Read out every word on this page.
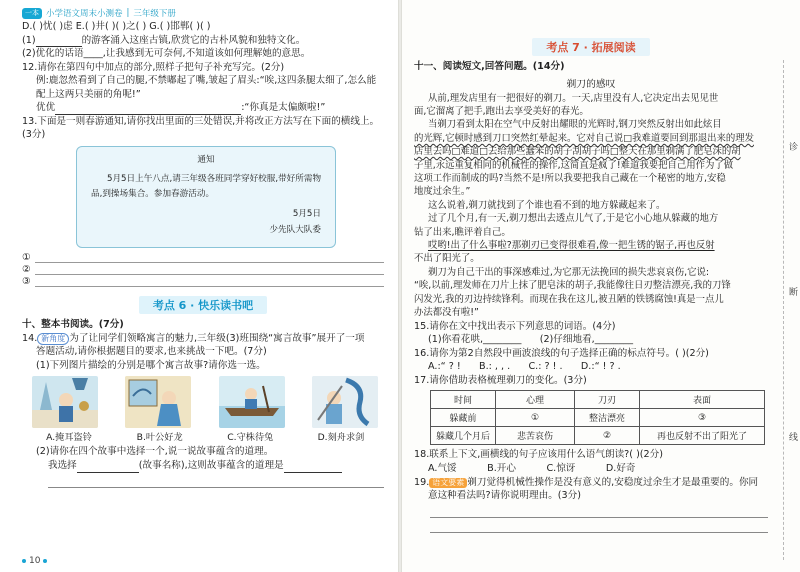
一本 小学语文周末小测卷 | 三年级下册
D.( )忧( )虑 E.( )井( )( )之( ) G.( )邯郸( )( )
(1)	的游客涌入这座古镇,欣赏它的古朴风貌和独特文化。
(2)优化的话语____,让我感到无可奈何,不知道该如何理解她的意思。
12.请你在第四句中加点的部分,照样子把句子补充写完。(2分)
例:鹿忽然看到了自己的腿,不禁嘟起了嘴,皱起了眉头:“唉,这四条腿太细了,怎么能配上这两只美丽的角呢!”
优优	:“你真是太偏颇啦!”
13.下面是一则春游通知,请你找出里面的三处错误,并将改正方法写在下面的横线上。(3分)
通知
5月5日上午八点,请三年级各班同学穿好校服,带好所需物品,到操场集合。参加春游活动。
5月5日
少先队大队委
①
②
③
考点 6 · 快乐读书吧
十、整本书阅读。(7分)
14. 新角度 为了让同学们领略寓言的魅力,三年级(3)班围绕“寓言故事”展开了一项
答题活动,请你根据题目的要求,也来挑战一下吧。(7分)
(1)下列图片描绘的分别是哪个寓言故事?请你选一选。
A.掩耳盗铃	B.叶公好龙	C.守株待兔	D.刻舟求剑
(2)请你在四个故事中选择一个,说一说故事蕴含的道理。
我选择	(故事名称),这则故事蕴含的道理是
10
诊
断
线
考点 7 · 拓展阅读
十一、阅读短文,回答问题。(14分)
剃刀的感叹
从前,理发店里有一把很好的剃刀。一天,店里没有人,它决定出去见见世
面,它溜离了把手,跑出去享受美好的春光。
当剃刀看到太阳在空气中反射出耀眼的光辉时,钢刀突然反射出如此炫目
的光辉,它顿时感到刀口突然红晕起来。它对自己说□我难道要回到那退出来的理发
店里去吗□难道□去给那些蠢笨的胡子刮胡子吗□整天在那里剃满了肥皂沫的胡
子里,永远重复相同的机械性的操作,这简直是疯了!难道我要把自己用作为了做
这项工作而制成的吗?当然不是!所以我要把我自己藏在一个秘密的地方,安稳
地度过余生。”
这么说着,剃刀就找到了个谁也看不到的地方躲藏起来了。
过了几个月,有一天,剃刀想出去透点儿气了,于是它小心地从躲藏的地方
钻了出来,瞧评着自己。
哎哟!出了什么事啦?那剃刃已变得很难看,像一把生锈的锯子,再也反射
不出了阳光了。
剃刀为自己干出的事深感难过,为它那无法挽回的损失悲哀哀伤,它说:
“唉,以前,理发师在刀片上抹了肥皂沫的胡子,我能像往日刃整洁漂亮,我的刀锋
闪发光,我的刃边持续锋利。而现在我在这儿,被丑陋的铁锈腐蚀!真是一点儿
办法都没有啦!”
15.请你在文中找出表示下列意思的词语。(4分)
(1)你看花哄,________ (2)仔细地看,________
16.请你为第2自然段中画波浪线的句子选择正确的标点符号。( )(2分)
A.:“ ? ! B.: , , . C.: ? ! . D.:“ ! ? .
17.请你借助表格梳理剃刀的变化。(3分)
时间	心理	刀刃	表面
躲藏前	①	整洁漂亮	③
躲藏几个月后	悲苦哀伤	②	再也反射不出了阳光了
18.联系上下文,画横线的句子应该用什么语气朗读?( )(2分)
A.气馁	B.开心	C.惊讶	D.好奇
19. 语文要素 剃刀觉得机械性操作是没有意义的,安稳度过余生才是最重要的。你同
意这种看法吗?请你说明理由。(3分)
